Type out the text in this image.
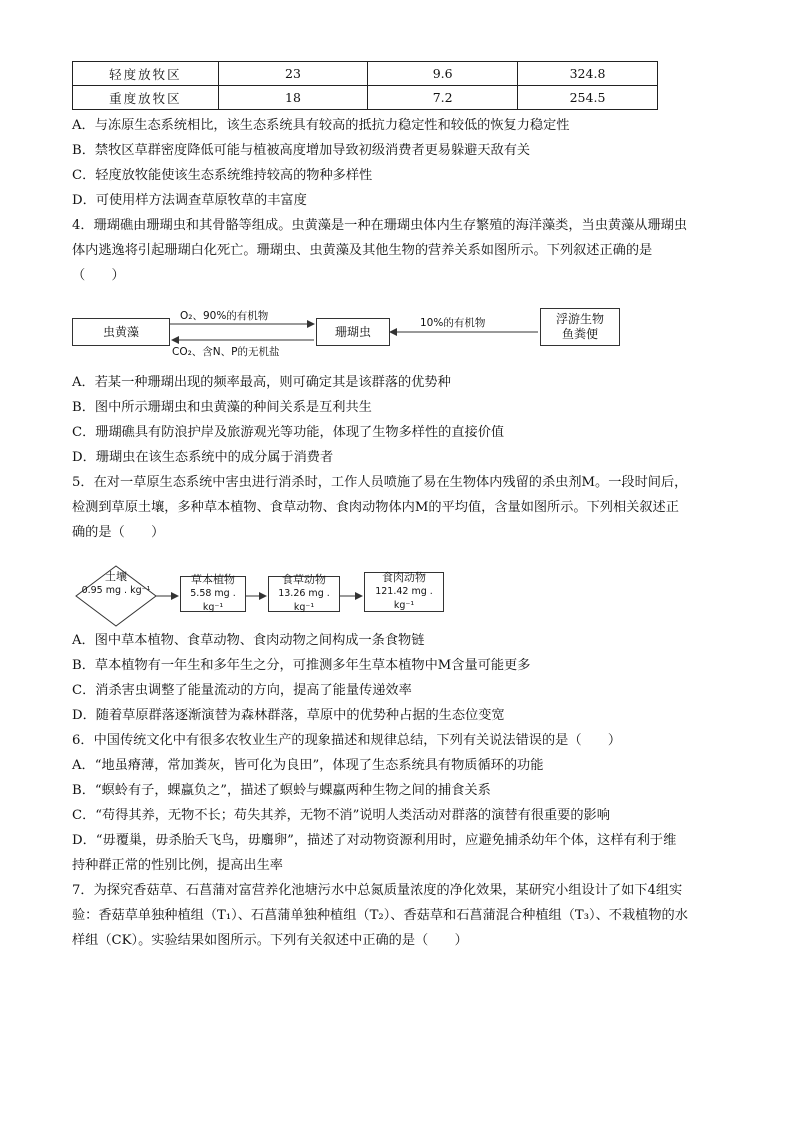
轻度放牧区	23	9.6	324.8
重度放牧区	18	7.2	254.5
A．与冻原生态系统相比，该生态系统具有较高的抵抗力稳定性和较低的恢复力稳定性
B．禁牧区草群密度降低可能与植被高度增加导致初级消费者更易躲避天敌有关
C．轻度放牧能使该生态系统维持较高的物种多样性
D．可使用样方法调查草原牧草的丰富度
4．珊瑚礁由珊瑚虫和其骨骼等组成。虫黄藻是一种在珊瑚虫体内生存繁殖的海洋藻类，当虫黄藻从珊瑚虫
体内逃逸将引起珊瑚白化死亡。珊瑚虫、虫黄藻及其他生物的营养关系如图所示。下列叙述正确的是
（　　）
虫黄藻	珊瑚虫
浮游生物
鱼粪便
O₂、90%的有机物
CO₂、含N、P的无机盐
10%的有机物
A．若某一种珊瑚出现的频率最高，则可确定其是该群落的优势种
B．图中所示珊瑚虫和虫黄藻的种间关系是互利共生
C．珊瑚礁具有防浪护岸及旅游观光等功能，体现了生物多样性的直接价值
D．珊瑚虫在该生态系统中的成分属于消费者
5．在对一草原生态系统中害虫进行消杀时，工作人员喷施了易在生物体内残留的杀虫剂M。一段时间后，
检测到草原土壤，多种草本植物、食草动物、食肉动物体内M的平均值，含量如图所示。下列相关叙述正
确的是（　　）
土壤
0.95 mg . kg⁻¹
草本植物
5.58 mg . kg⁻¹
食草动物
13.26 mg . kg⁻¹
食肉动物
121.42 mg . kg⁻¹
A．图中草本植物、食草动物、食肉动物之间构成一条食物链
B．草本植物有一年生和多年生之分，可推测多年生草本植物中M含量可能更多
C．消杀害虫调整了能量流动的方向，提高了能量传递效率
D．随着草原群落逐渐演替为森林群落，草原中的优势种占据的生态位变宽
6．中国传统文化中有很多农牧业生产的现象描述和规律总结，下列有关说法错误的是（　　）
A．“地虽瘠薄，常加粪灰，皆可化为良田”，体现了生态系统具有物质循环的功能
B．“螟蛉有子，蜾蠃负之”，描述了螟蛉与蜾蠃两种生物之间的捕食关系
C．“苟得其养，无物不长；苟失其养，无物不消”说明人类活动对群落的演替有很重要的影响
D．“毋覆巢，毋杀胎夭飞鸟，毋麛卵”，描述了对动物资源利用时，应避免捕杀幼年个体，这样有利于维
持种群正常的性别比例，提高出生率
7．为探究香菇草、石菖蒲对富营养化池塘污水中总氮质量浓度的净化效果，某研究小组设计了如下4组实
验：香菇草单独种植组（T₁）、石菖蒲单独种植组（T₂）、香菇草和石菖蒲混合种植组（T₃）、不栽植物的水
样组（CK）。实验结果如图所示。下列有关叙述中正确的是（　　）
